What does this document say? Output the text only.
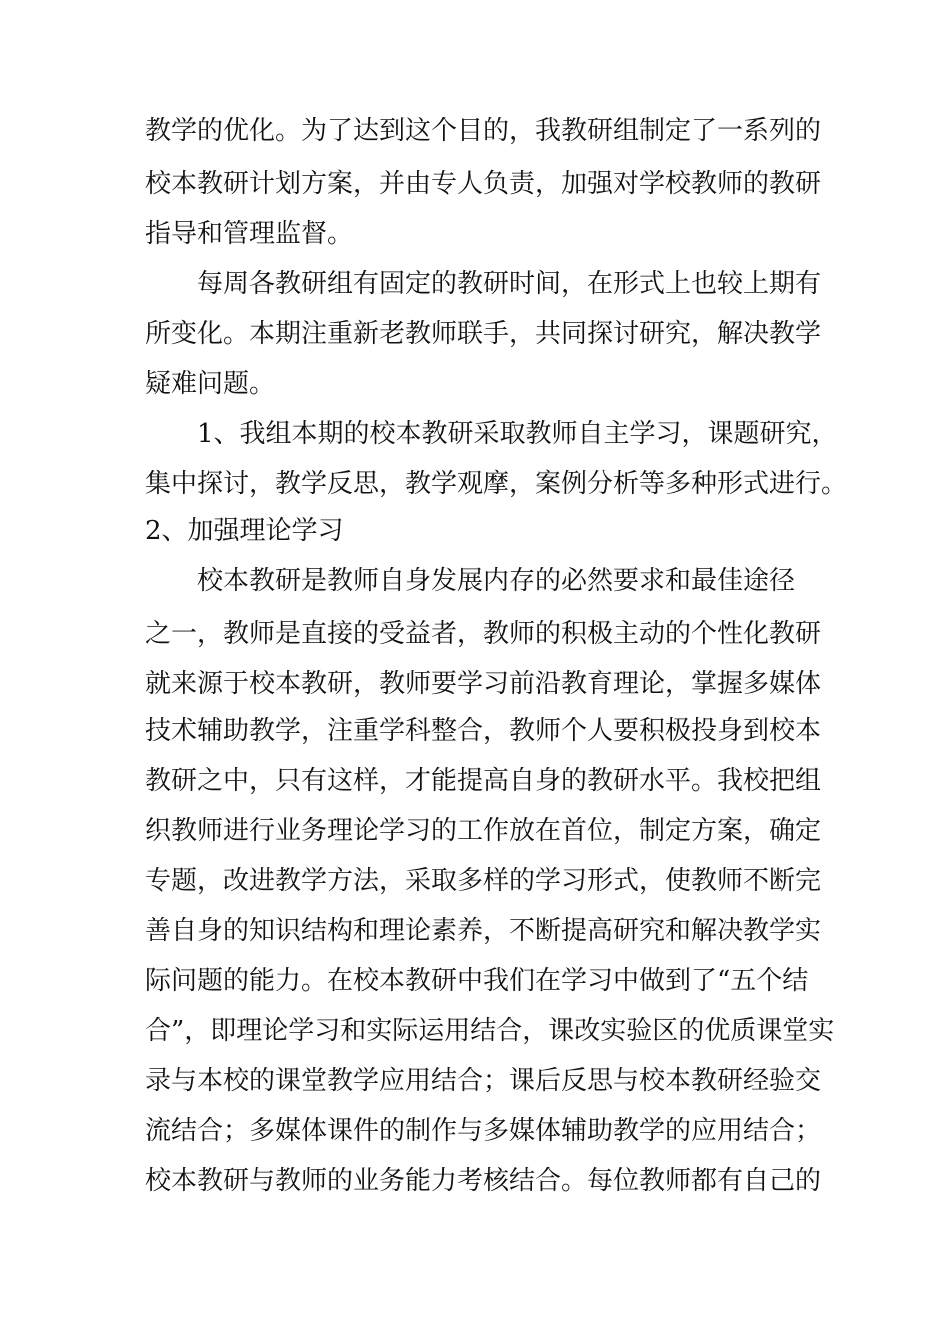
教学的优化。为了达到这个目的，我教研组制定了一系列的

校本教研计划方案，并由专人负责，加强对学校教师的教研

指导和管理监督。

每周各教研组有固定的教研时间，在形式上也较上期有

所变化。本期注重新老教师联手，共同探讨研究，解决教学

疑难问题。

1、我组本期的校本教研采取教师自主学习，课题研究，

集中探讨，教学反思，教学观摩，案例分析等多种形式进行。

2、加强理论学习

校本教研是教师自身发展内存的必然要求和最佳途径

之一，教师是直接的受益者，教师的积极主动的个性化教研

就来源于校本教研，教师要学习前沿教育理论，掌握多媒体

技术辅助教学，注重学科整合，教师个人要积极投身到校本

教研之中，只有这样，才能提高自身的教研水平。我校把组

织教师进行业务理论学习的工作放在首位，制定方案，确定

专题，改进教学方法，采取多样的学习形式，使教师不断完

善自身的知识结构和理论素养，不断提高研究和解决教学实

际问题的能力。在校本教研中我们在学习中做到了“五个结

合”，即理论学习和实际运用结合，课改实验区的优质课堂实

录与本校的课堂教学应用结合；课后反思与校本教研经验交

流结合；多媒体课件的制作与多媒体辅助教学的应用结合；

校本教研与教师的业务能力考核结合。每位教师都有自己的
